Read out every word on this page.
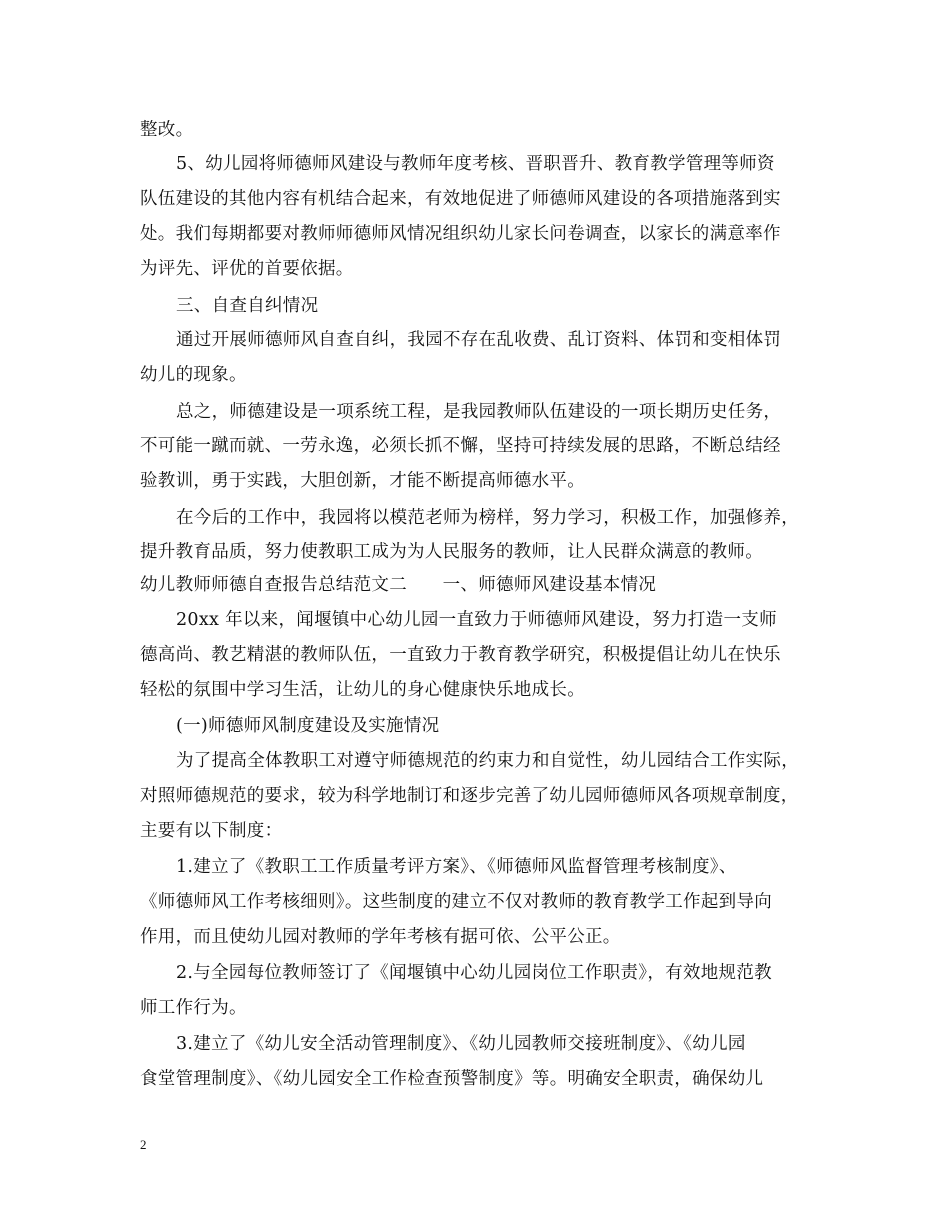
整改。
5、幼儿园将师德师风建设与教师年度考核、晋职晋升、教育教学管理等师资
队伍建设的其他内容有机结合起来，有效地促进了师德师风建设的各项措施落到实
处。我们每期都要对教师师德师风情况组织幼儿家长问卷调查，以家长的满意率作
为评先、评优的首要依据。
三、自查自纠情况
通过开展师德师风自查自纠，我园不存在乱收费、乱订资料、体罚和变相体罚
幼儿的现象。
总之，师德建设是一项系统工程，是我园教师队伍建设的一项长期历史任务，
不可能一蹴而就、一劳永逸，必须长抓不懈，坚持可持续发展的思路，不断总结经
验教训，勇于实践，大胆创新，才能不断提高师德水平。
在今后的工作中，我园将以模范老师为榜样，努力学习，积极工作，加强修养，
提升教育品质，努力使教职工成为为人民服务的教师，让人民群众满意的教师。
幼儿教师师德自查报告总结范文二　　一、师德师风建设基本情况
20xx 年以来，闻堰镇中心幼儿园一直致力于师德师风建设，努力打造一支师
德高尚、教艺精湛的教师队伍，一直致力于教育教学研究，积极提倡让幼儿在快乐
轻松的氛围中学习生活，让幼儿的身心健康快乐地成长。
(一)师德师风制度建设及实施情况
为了提高全体教职工对遵守师德规范的约束力和自觉性，幼儿园结合工作实际，
对照师德规范的要求，较为科学地制订和逐步完善了幼儿园师德师风各项规章制度，
主要有以下制度：
1.建立了《教职工工作质量考评方案》、《师德师风监督管理考核制度》、
《师德师风工作考核细则》。这些制度的建立不仅对教师的教育教学工作起到导向
作用，而且使幼儿园对教师的学年考核有据可依、公平公正。
2.与全园每位教师签订了《闻堰镇中心幼儿园岗位工作职责》，有效地规范教
师工作行为。
3.建立了《幼儿安全活动管理制度》、《幼儿园教师交接班制度》、《幼儿园
食堂管理制度》、《幼儿园安全工作检查预警制度》等。明确安全职责，确保幼儿
2
